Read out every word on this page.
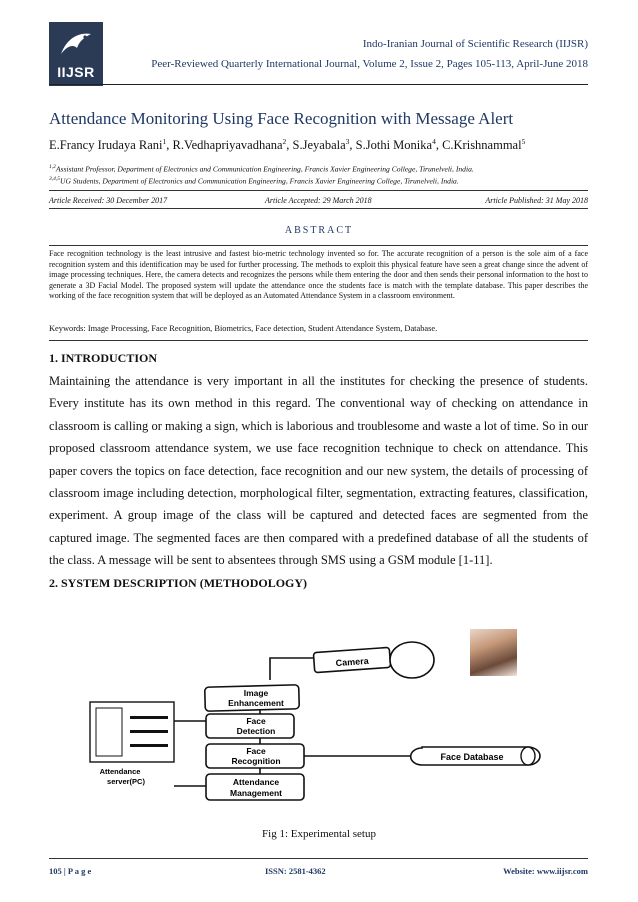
IIJSR
Indo-Iranian Journal of Scientific Research (IIJSR)
Peer-Reviewed Quarterly International Journal, Volume 2, Issue 2, Pages 105-113, April-June 2018
Attendance Monitoring Using Face Recognition with Message Alert
E.Francy Irudaya Rani$^1$, R.Vedhapriyavadhana$^2$, S.Jeyabala$^3$, S.Jothi Monika$^4$, C.Krishnammal$^5$
$^{1,2}$Assistant Professor, Department of Electronics and Communication Engineering, Francis Xavier Engineering College, Tirunelveli, India.
$^{3,4,5}$UG Students, Department of Electronics and Communication Engineering, Francis Xavier Engineering College, Tirunelveli, India.
Article Received: 30 December 2017	Article Accepted: 29 March 2018	Article Published: 31 May 2018
ABSTRACT
Face recognition technology is the least intrusive and fastest bio-metric technology invented so for. The accurate recognition of a person is the sole aim of a face recognition system and this identification may be used for further processing. The methods to exploit this physical feature have seen a great change since the advent of image processing techniques. Here, the camera detects and recognizes the persons while them entering the door and then sends their personal information to the host to generate a 3D Facial Model. The proposed system will update the attendance once the students face is match with the template database. This paper describes the working of the face recognition system that will be deployed as an Automated Attendance System in a classroom environment.
Keywords: Image Processing, Face Recognition, Biometrics, Face detection, Student Attendance System, Database.
1. INTRODUCTION
Maintaining the attendance is very important in all the institutes for checking the presence of students. Every institute has its own method in this regard. The conventional way of checking on attendance in classroom is calling or making a sign, which is laborious and troublesome and waste a lot of time. So in our proposed classroom attendance system, we use face recognition technique to check on attendance. This paper covers the topics on face detection, face recognition and our new system, the details of processing of classroom image including detection, morphological filter, segmentation, extracting features, classification, experiment. A group image of the class will be captured and detected faces are segmented from the captured image. The segmented faces are then compared with a predefined database of all the students of the class. A message will be sent to absentees through SMS using a GSM module [1-11].
2. SYSTEM DESCRIPTION (METHODOLOGY)
Camera
Image
Enhancement
Face
Detection
Face
Recognition
Attendance
Management
Face Database
Attendance
server(PC)
Fig 1: Experimental setup
105 | P a g e	ISSN: 2581-4362	Website: www.iijsr.com
